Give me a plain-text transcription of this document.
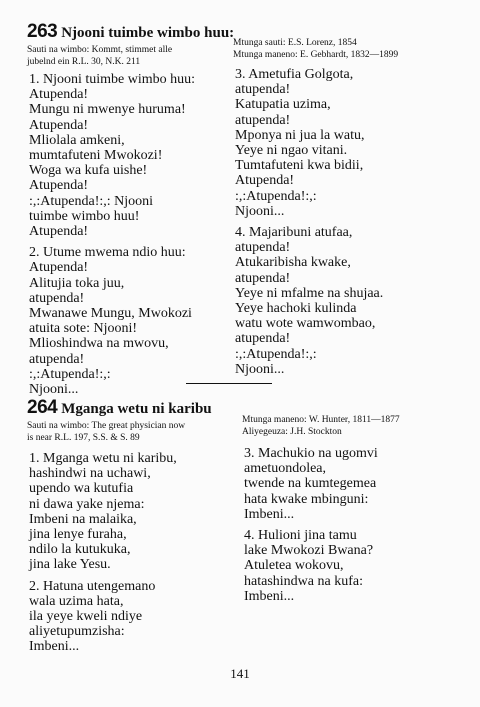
263 Njooni tuimbe wimbo huu:
Sauti na wimbo: Kommt, stimmet alle
jubelnd ein R.L. 30, N.K. 211
Mtunga sauti: E.S. Lorenz, 1854
Mtunga maneno: E. Gebhardt, 1832—1899
1. Njooni tuimbe wimbo huu:
Atupenda!
Mungu ni mwenye huruma!
Atupenda!
Mliolala amkeni,
mumtafuteni Mwokozi!
Woga wa kufa uishe!
Atupenda!
:,:Atupenda!:,: Njooni
tuimbe wimbo huu!
Atupenda!
2. Utume mwema ndio huu:
Atupenda!
Alitujia toka juu,
atupenda!
Mwanawe Mungu, Mwokozi
atuita sote: Njooni!
Mlioshindwa na mwovu,
atupenda!
:,:Atupenda!:,:
Njooni...
3. Ametufia Golgota,
atupenda!
Katupatia uzima,
atupenda!
Mponya ni jua la watu,
Yeye ni ngao vitani.
Tumtafuteni kwa bidii,
Atupenda!
:,:Atupenda!:,:
Njooni...
4. Majaribuni atufaa,
atupenda!
Atukaribisha kwake,
atupenda!
Yeye ni mfalme na shujaa.
Yeye hachoki kulinda
watu wote wamwombao,
atupenda!
:,:Atupenda!:,:
Njooni...
264 Mganga wetu ni karibu
Sauti na wimbo: The great physician now
is near R.L. 197, S.S. & S. 89
Mtunga maneno: W. Hunter, 1811—1877
Aliyegeuza: J.H. Stockton
1. Mganga wetu ni karibu,
hashindwi na uchawi,
upendo wa kutufia
ni dawa yake njema:
Imbeni na malaika,
jina lenye furaha,
ndilo la kutukuka,
jina lake Yesu.
2. Hatuna utengemano
wala uzima hata,
ila yeye kweli ndiye
aliyetupumzisha:
Imbeni...
3. Machukio na ugomvi
ametuondolea,
twende na kumtegemea
hata kwake mbinguni:
Imbeni...
4. Hulioni jina tamu
lake Mwokozi Bwana?
Atuletea wokovu,
hatashindwa na kufa:
Imbeni...
141
